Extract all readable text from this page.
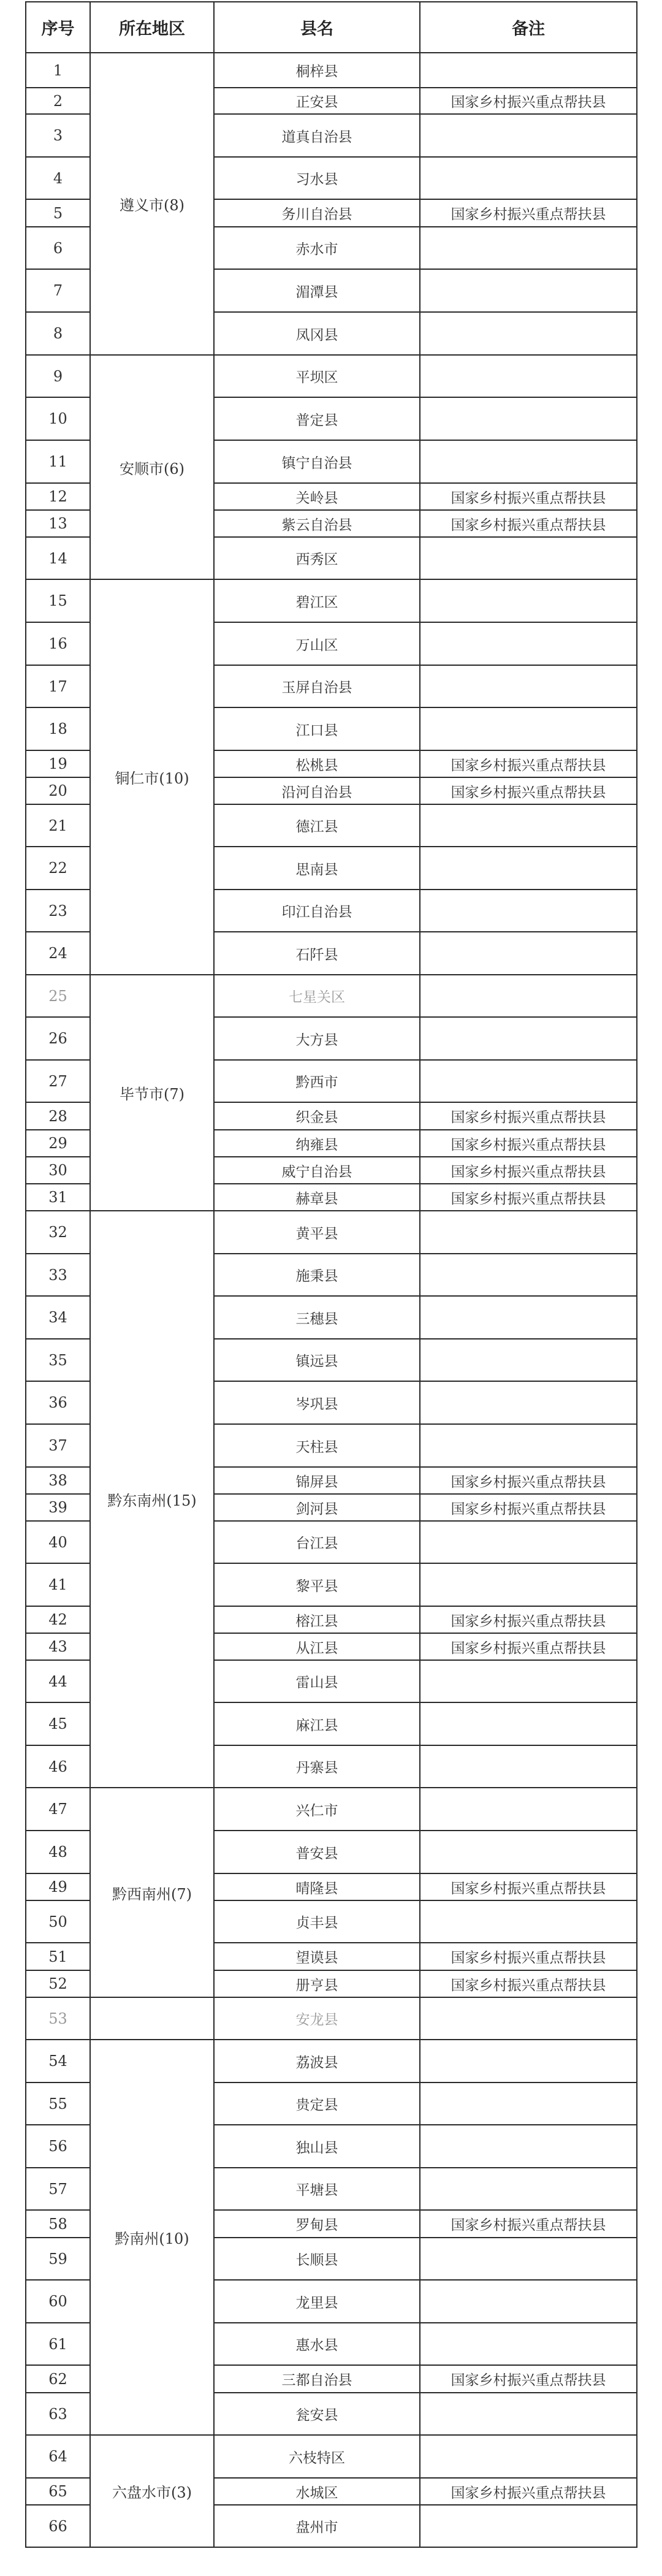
序号	所在地区	县名	备注
1	遵义市(8)	桐梓县	
2		正安县	国家乡村振兴重点帮扶县
3		道真自治县	
4		习水县	
5		务川自治县	国家乡村振兴重点帮扶县
6		赤水市	
7		湄潭县	
8		凤冈县	
9	安顺市(6)	平坝区	
10		普定县	
11		镇宁自治县	
12		关岭县	国家乡村振兴重点帮扶县
13		紫云自治县	国家乡村振兴重点帮扶县
14		西秀区	
15	铜仁市(10)	碧江区	
16		万山区	
17		玉屏自治县	
18		江口县	
19		松桃县	国家乡村振兴重点帮扶县
20		沿河自治县	国家乡村振兴重点帮扶县
21		德江县	
22		思南县	
23		印江自治县	
24		石阡县	
25	毕节市(7)	七星关区	
26		大方县	
27		黔西市	
28		织金县	国家乡村振兴重点帮扶县
29		纳雍县	国家乡村振兴重点帮扶县
30		威宁自治县	国家乡村振兴重点帮扶县
31		赫章县	国家乡村振兴重点帮扶县
32	黔东南州(15)	黄平县	
33		施秉县	
34		三穗县	
35		镇远县	
36		岑巩县	
37		天柱县	
38		锦屏县	国家乡村振兴重点帮扶县
39		剑河县	国家乡村振兴重点帮扶县
40		台江县	
41		黎平县	
42		榕江县	国家乡村振兴重点帮扶县
43		从江县	国家乡村振兴重点帮扶县
44		雷山县	
45		麻江县	
46		丹寨县	
47	黔西南州(7)	兴仁市	
48		普安县	
49		晴隆县	国家乡村振兴重点帮扶县
50		贞丰县	
51		望谟县	国家乡村振兴重点帮扶县
52		册亨县	国家乡村振兴重点帮扶县
53		安龙县	
54	黔南州(10)	荔波县	
55		贵定县	
56		独山县	
57		平塘县	
58		罗甸县	国家乡村振兴重点帮扶县
59		长顺县	
60		龙里县	
61		惠水县	
62		三都自治县	国家乡村振兴重点帮扶县
63		瓮安县	
64	六盘水市(3)	六枝特区	
65		水城区	国家乡村振兴重点帮扶县
66		盘州市	
